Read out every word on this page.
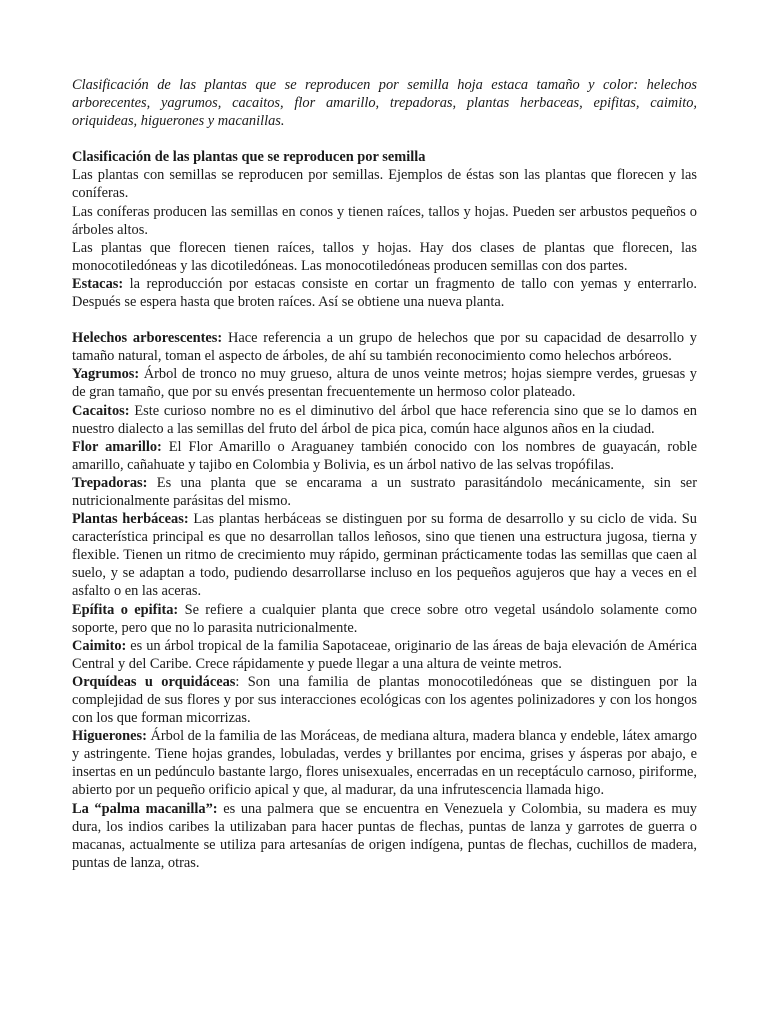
Clasificación de las plantas que se reproducen por semilla hoja estaca tamaño y color: helechos arborecentes, yagrumos, cacaitos, flor amarillo, trepadoras, plantas herbaceas, epifitas, caimito, oriquideas, higuerones y macanillas.

Clasificación de las plantas que se reproducen por semilla

Las plantas con semillas se reproducen por semillas. Ejemplos de éstas son las plantas que florecen y las coníferas.

Las coníferas producen las semillas en conos y tienen raíces, tallos y hojas. Pueden ser arbustos pequeños o árboles altos.

Las plantas que florecen tienen raíces, tallos y hojas. Hay dos clases de plantas que florecen, las monocotiledóneas y las dicotiledóneas. Las monocotiledóneas producen semillas con dos partes.

Estacas: la reproducción por estacas consiste en cortar un fragmento de tallo con yemas y enterrarlo. Después se espera hasta que broten raíces. Así se obtiene una nueva planta.

Helechos arborescentes: Hace referencia a un grupo de helechos que por su capacidad de desarrollo y tamaño natural, toman el aspecto de árboles, de ahí su también reconocimiento como helechos arbóreos.

Yagrumos: Árbol de tronco no muy grueso, altura de unos veinte metros; hojas siempre verdes, gruesas y de gran tamaño, que por su envés presentan frecuentemente un hermoso color plateado.

Cacaitos: Este curioso nombre no es el diminutivo del árbol que hace referencia sino que se lo damos en nuestro dialecto a las semillas del fruto del árbol de pica pica, común hace algunos años en la ciudad.

Flor amarillo: El Flor Amarillo o Araguaney también conocido con los nombres de guayacán, roble amarillo, cañahuate y tajibo en Colombia y Bolivia, es un árbol nativo de las selvas tropófilas.

Trepadoras: Es una planta que se encarama a un sustrato parasitándolo mecánicamente, sin ser nutricionalmente parásitas del mismo.

Plantas herbáceas: Las plantas herbáceas se distinguen por su forma de desarrollo y su ciclo de vida. Su característica principal es que no desarrollan tallos leñosos, sino que tienen una estructura jugosa, tierna y flexible. Tienen un ritmo de crecimiento muy rápido, germinan prácticamente todas las semillas que caen al suelo, y se adaptan a todo, pudiendo desarrollarse incluso en los pequeños agujeros que hay a veces en el asfalto o en las aceras.

Epífita o epifita: Se refiere a cualquier planta que crece sobre otro vegetal usándolo solamente como soporte, pero que no lo parasita nutricionalmente.

Caimito: es un árbol tropical de la familia Sapotaceae, originario de las áreas de baja elevación de América Central y del Caribe. Crece rápidamente y puede llegar a una altura de veinte metros.

Orquídeas u orquidáceas: Son una familia de plantas monocotiledóneas que se distinguen por la complejidad de sus flores y por sus interacciones ecológicas con los agentes polinizadores y con los hongos con los que forman micorrizas.

Higuerones: Árbol de la familia de las Moráceas, de mediana altura, madera blanca y endeble, látex amargo y astringente. Tiene hojas grandes, lobuladas, verdes y brillantes por encima, grises y ásperas por abajo, e insertas en un pedúnculo bastante largo, flores unisexuales, encerradas en un receptáculo carnoso, piriforme, abierto por un pequeño orificio apical y que, al madurar, da una infrutescencia llamada higo.

La “palma macanilla”: es una palmera que se encuentra en Venezuela y Colombia, su madera es muy dura, los indios caribes la utilizaban para hacer puntas de flechas, puntas de lanza y garrotes de guerra o macanas, actualmente se utiliza para artesanías de origen indígena, puntas de flechas, cuchillos de madera, puntas de lanza, otras.
